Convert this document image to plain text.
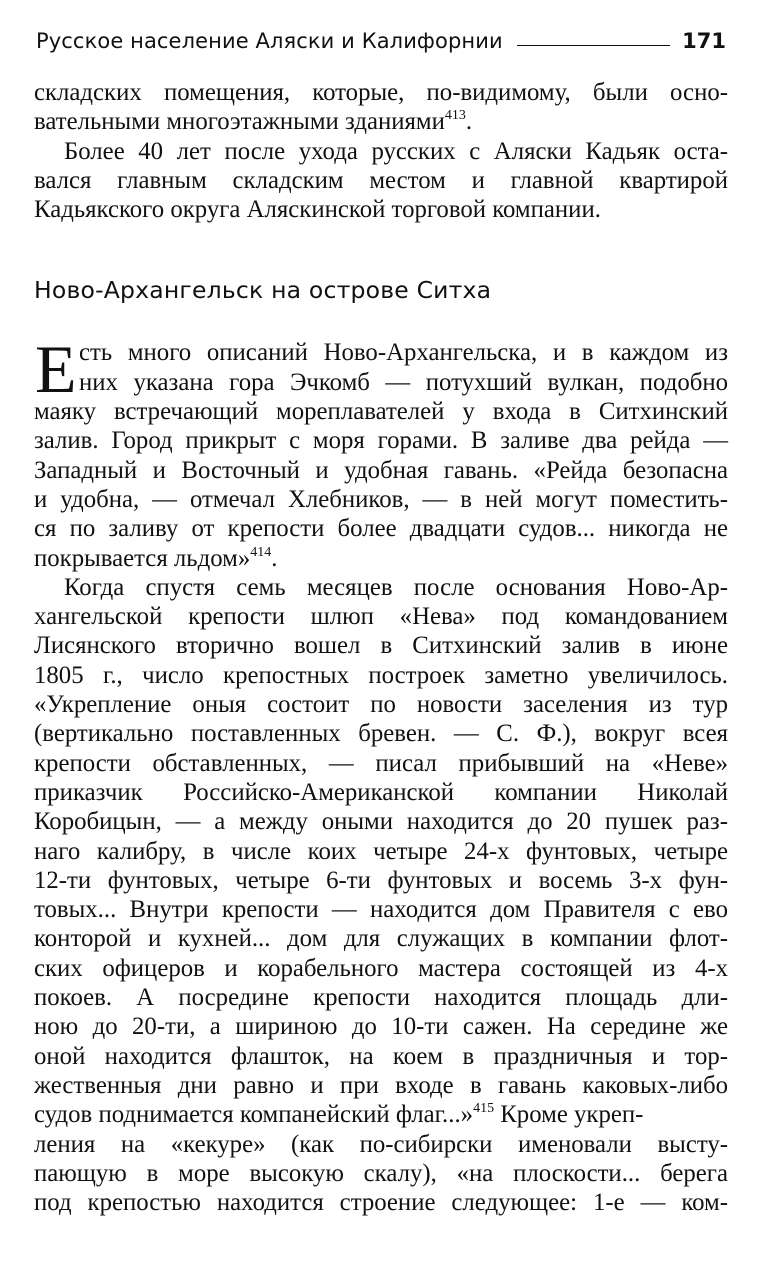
Русское население Аляски и Калифорнии	171
складских помещения, которые, по-видимому, были осно-
вательными многоэтажными зданиями$^{413}$.
Более 40 лет после ухода русских с Аляски Кадьяк оста-
вался главным складским местом и главной квартирой
Кадьякского округа Аляскинской торговой компании.
Ново-Архангельск на острове Ситха
Е сть много описаний Ново-Архангельска, и в каждом из
них указана гора Эчкомб — потухший вулкан, подобно
маяку встречающий мореплавателей у входа в Ситхинский
залив. Город прикрыт с моря горами. В заливе два рейда —
Западный и Восточный и удобная гавань. «Рейда безопасна
и удобна, — отмечал Хлебников, — в ней могут поместить-
ся по заливу от крепости более двадцати судов... никогда не
покрывается льдом»$^{414}$.
Когда спустя семь месяцев после основания Ново-Ар-
хангельской крепости шлюп «Нева» под командованием
Лисянского вторично вошел в Ситхинский залив в июне
1805 г., число крепостных построек заметно увеличилось.
«Укрепление оныя состоит по новости заселения из тур
(вертикально поставленных бревен. — С. Ф.), вокруг всея
крепости обставленных, — писал прибывший на «Неве»
приказчик Российско-Американской компании Николай
Коробицын, — а между оными находится до 20 пушек раз-
наго калибру, в числе коих четыре 24-х фунтовых, четыре
12-ти фунтовых, четыре 6-ти фунтовых и восемь 3-х фун-
товых... Внутри крепости — находится дом Правителя с ево
конторой и кухней... дом для служащих в компании флот-
ских офицеров и корабельного мастера состоящей из 4-х
покоев. А посредине крепости находится площадь дли-
ною до 20-ти, а шириною до 10-ти сажен. На середине же
оной находится флашток, на коем в праздничныя и тор-
жественныя дни равно и при входе в гавань каковых-либо
судов поднимается компанейский флаг...»$^{415}$ Кроме укреп-
ления на «кекуре» (как по-сибирски именовали высту-
пающую в море высокую скалу), «на плоскости... берега
под крепостью находится строение следующее: 1-е — ком-
